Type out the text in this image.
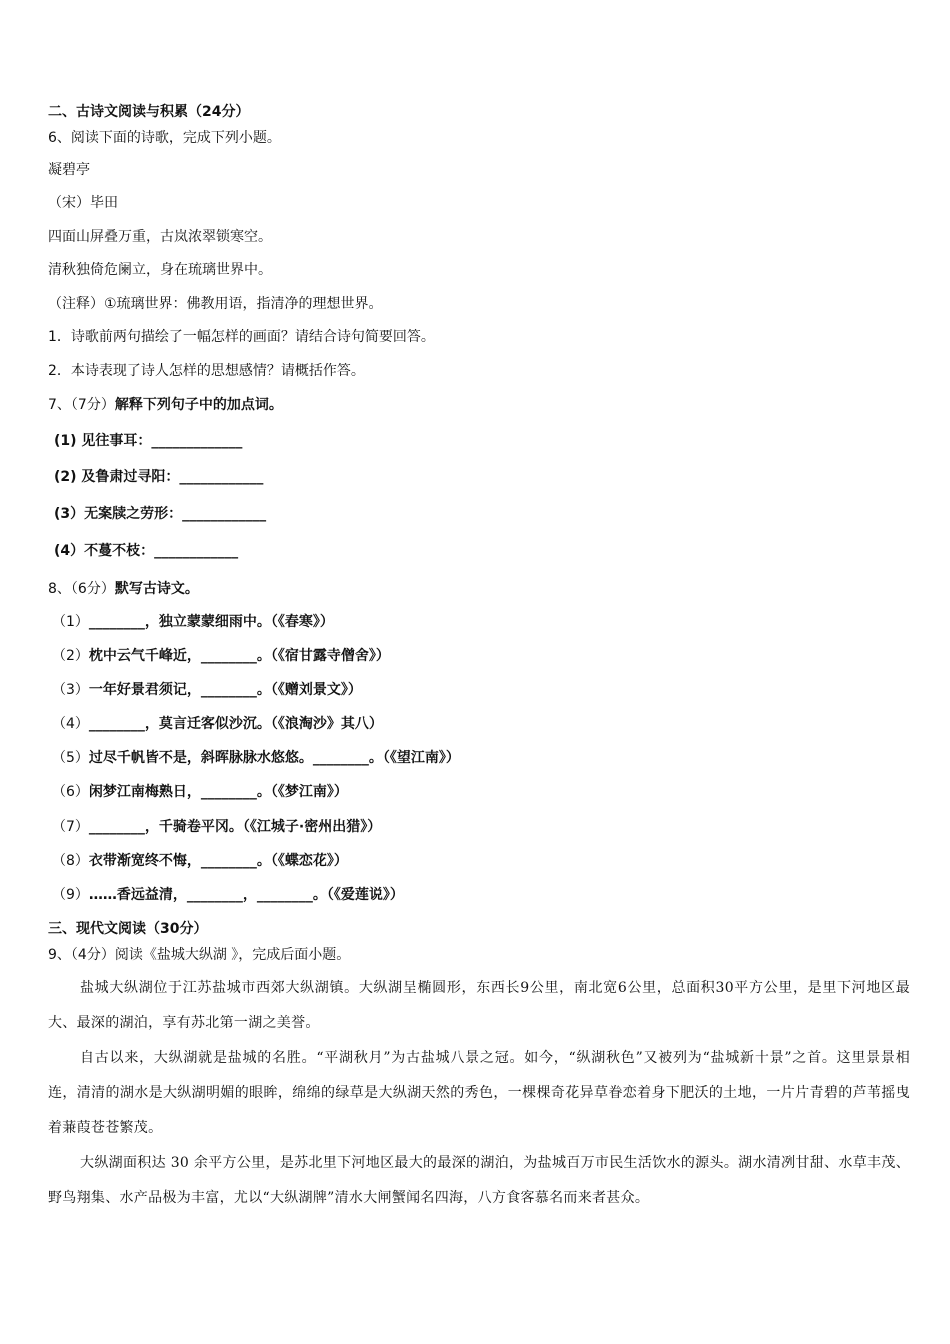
二、古诗文阅读与积累（24分）
6、阅读下面的诗歌，完成下列小题。
凝碧亭
（宋）毕田
四面山屏叠万重，古岚浓翠锁寒空。
清秋独倚危阑立，身在琉璃世界中。
（注释）①琉璃世界：佛教用语，指清净的理想世界。
1．诗歌前两句描绘了一幅怎样的画面？请结合诗句简要回答。
2．本诗表现了诗人怎样的思想感情？请概括作答。
7、（7分）解释下列句子中的加点词。
(1) 见往事耳：_____________
(2) 及鲁肃过寻阳：____________
(3）无案牍之劳形：____________
(4）不蔓不枝：____________
8、（6分）默写古诗文。
（1）________，独立蒙蒙细雨中。（《春寒》）
（2）枕中云气千峰近，________。（《宿甘露寺僧舍》）
（3）一年好景君须记，________。（《赠刘景文》）
（4）________，莫言迁客似沙沉。（《浪淘沙》其八）
（5）过尽千帆皆不是，斜晖脉脉水悠悠。________。（《望江南》）
（6）闲梦江南梅熟日，________。（《梦江南》）
（7）________，千骑卷平冈。（《江城子·密州出猎》）
（8）衣带渐宽终不悔，________。（《蝶恋花》）
（9）……香远益清，________，________。（《爱莲说》）
三、现代文阅读（30分）
9、（4分）阅读《盐城大纵湖 》，完成后面小题。
盐城大纵湖位于江苏盐城市西郊大纵湖镇。大纵湖呈椭圆形，东西长9公里，南北宽6公里，总面积30平方公里，是里下河地区最大、最深的湖泊，享有苏北第一湖之美誉。
自古以来，大纵湖就是盐城的名胜。“平湖秋月”为古盐城八景之冠。如今，“纵湖秋色”又被列为“盐城新十景”之首。这里景景相连，清清的湖水是大纵湖明媚的眼眸，绵绵的绿草是大纵湖天然的秀色，一棵棵奇花异草眷恋着身下肥沃的土地，一片片青碧的芦苇摇曳着蒹葭苍苍繁茂。
大纵湖面积达 30 余平方公里，是苏北里下河地区最大的最深的湖泊，为盐城百万市民生活饮水的源头。湖水清冽甘甜、水草丰茂、野鸟翔集、水产品极为丰富，尤以“大纵湖牌”清水大闸蟹闻名四海，八方食客慕名而来者甚众。
